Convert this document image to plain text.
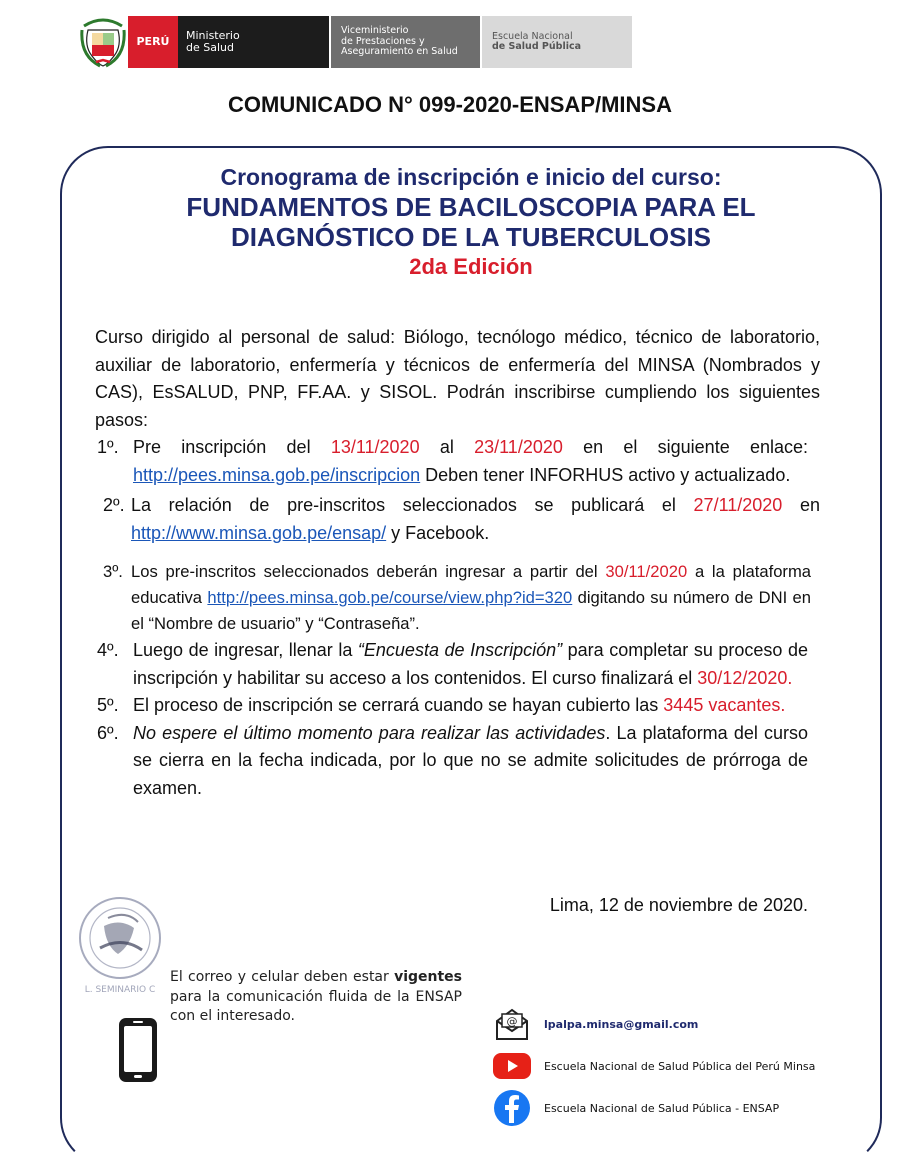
PERÚ Ministerio
de Salud
Viceministerio
de Prestaciones y
Aseguramiento en Salud
Escuela Nacional
de Salud Pública
COMUNICADO N° 099-2020-ENSAP/MINSA
Cronograma de inscripción e inicio del curso:
FUNDAMENTOS DE BACILOSCOPIA PARA EL
DIAGNÓSTICO DE LA TUBERCULOSIS
2da Edición

Curso dirigido al personal de salud: Biólogo, tecnólogo médico, técnico de laboratorio, auxiliar de laboratorio, enfermería y técnicos de enfermería del MINSA (Nombrados y CAS), EsSALUD, PNP, FF.AA. y SISOL. Podrán inscribirse cumpliendo los siguientes pasos:

1º. Pre inscripción del 13/11/2020 al 23/11/2020 en el siguiente enlace: http://pees.minsa.gob.pe/inscripcion Deben tener INFORHUS activo y actualizado.
2º. La relación de pre-inscritos seleccionados se publicará el 27/11/2020 en http://www.minsa.gob.pe/ensap/ y Facebook.
3º. Los pre-inscritos seleccionados deberán ingresar a partir del 30/11/2020 a la plataforma educativa http://pees.minsa.gob.pe/course/view.php?id=320 digitando su número de DNI en el “Nombre de usuario” y “Contraseña”.
4º. Luego de ingresar, llenar la “Encuesta de Inscripción” para completar su proceso de inscripción y habilitar su acceso a los contenidos. El curso finalizará el 30/12/2020.
5º. El proceso de inscripción se cerrará cuando se hayan cubierto las 3445 vacantes.
6º. No espere el último momento para realizar las actividades. La plataforma del curso se cierra en la fecha indicada, por lo que no se admite solicitudes de prórroga de examen.
Lima, 12 de noviembre de 2020.
L. SEMINARIO C
El correo y celular deben estar vigentes para la comunicación fluida de la ENSAP con el interesado.	@ lpalpa.minsa@gmail.com
Escuela Nacional de Salud Pública del Perú Minsa
Escuela Nacional de Salud Pública - ENSAP
